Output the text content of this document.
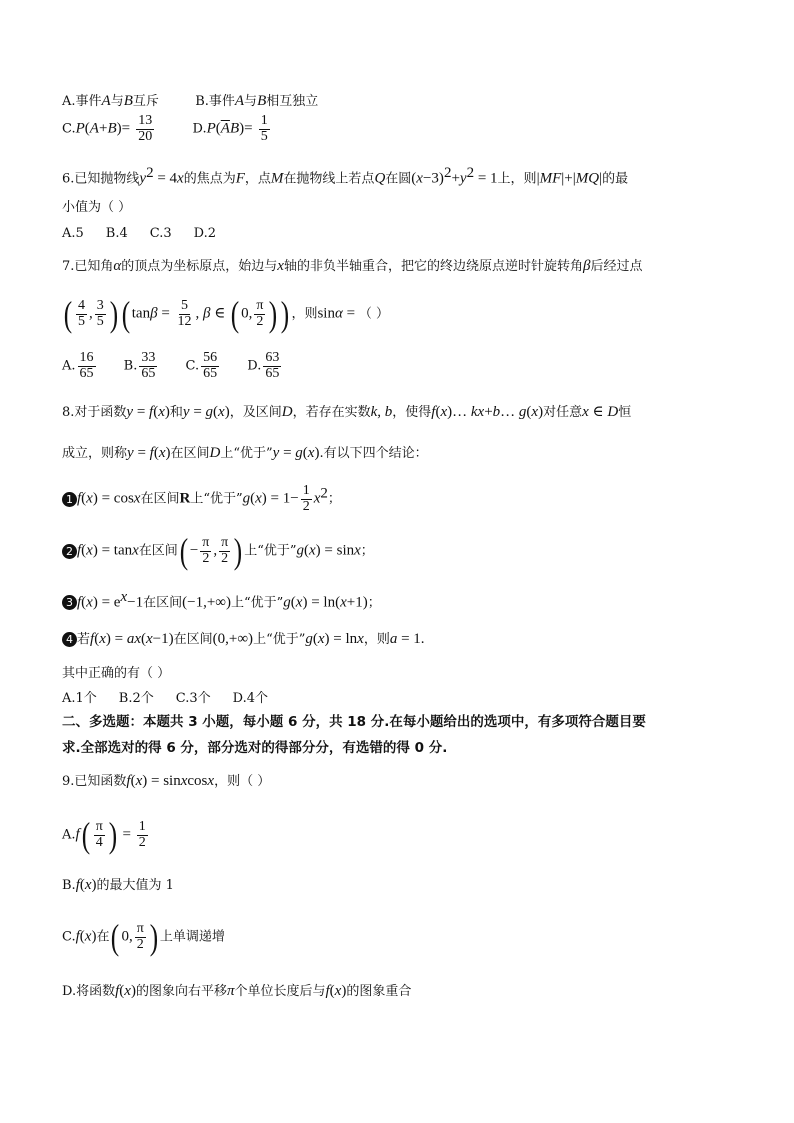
A.事件A与B互斥	B.事件A与B相互独立
$C.P(A+B)= \frac{13}{20}$	$D.P(\overline{A}B)= \frac{1}{5}$
6.已知抛物线$y^2 = 4x$的焦点为F，点M在抛物线上若点Q在圆$(x-3)^2+y^2 = 1$上，则|MF|+|MQ|的最
小值为（ ）
A.5 B.4 C.3 D.2
7.已知角α的顶点为坐标原点，始边与x轴的非负半轴重合，把它的终边绕原点逆时针旋转角β后经过点
( $\frac{4}{5}$ , $\frac{3}{5}$ ) ( $\tan\beta = \frac{5}{12}$ , β ∈ ( 0, $\frac{\pi}{2}$ )) ，则sinα = （ ）
A. $\frac{16}{65} B$. $\frac{33}{65} C$. $\frac{56}{65} D$. $\frac{63}{65}$
8.对于函数y = f(x)和y = g(x)，及区间D，若存在实数k, b，使得f(x)… kx+b… g(x)对任意x ∈ D恒
成立，则称y = f(x)在区间D上“优于”y = g(x).有以下四个结论：
1 f(x) = cosx在区间R上“优于”g(x) = $1- \frac{1}{2} x^2$；
2 f(x) = tanx在区间( − $\frac{\pi}{2}$ , $\frac{\pi}{2}$ ) 上“优于”g(x) = sinx；
3 $f(x) = e^x-1$在区间(−1,+∞)上“优于”g(x) = ln(x+1)；
4 若f(x) = ax(x−1)在区间(0,+∞)上“优于”g(x) = lnx，则a = 1.
其中正确的有（ ）
A.1个 B.2个 C.3个 D.4个
二、多选题：本题共 3 小题，每小题 6 分，共 18 分.在每小题给出的选项中，有多项符合题目要
求.全部选对的得 6 分，部分选对的得部分分，有选错的得 0 分.
9.已知函数f(x) = sinxcosx，则（ ）
$A.f( \frac{\pi}{4}$ ) = $\frac{1}{2}$
B.f(x)的最大值为 1
C.f(x)在( 0, $\frac{\pi}{2}$ ) 上单调递增
D.将函数f(x)的图象向右平移π个单位长度后与f(x)的图象重合
